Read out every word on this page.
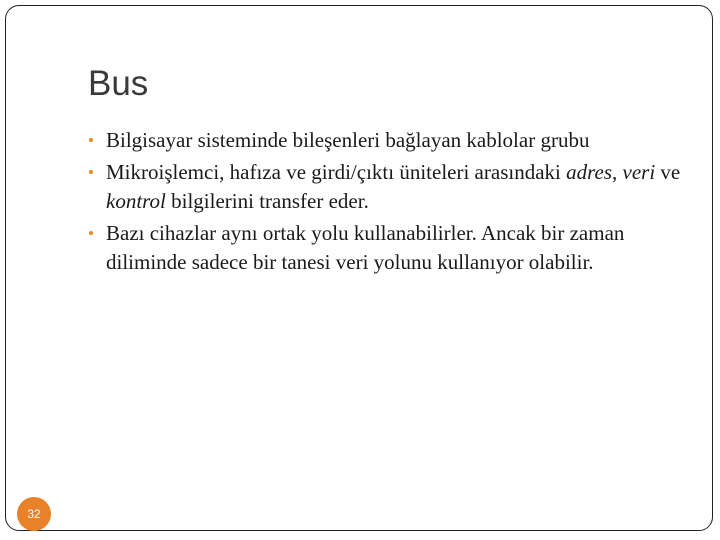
Bus
• Bilgisayar sisteminde bileşenleri bağlayan kablolar grubu
• Mikroişlemci, hafıza ve girdi/çıktı üniteleri arasındaki adres, veri ve kontrol bilgilerini transfer eder.
• Bazı cihazlar aynı ortak yolu kullanabilirler. Ancak bir zaman diliminde sadece bir tanesi veri yolunu kullanıyor olabilir.
32
